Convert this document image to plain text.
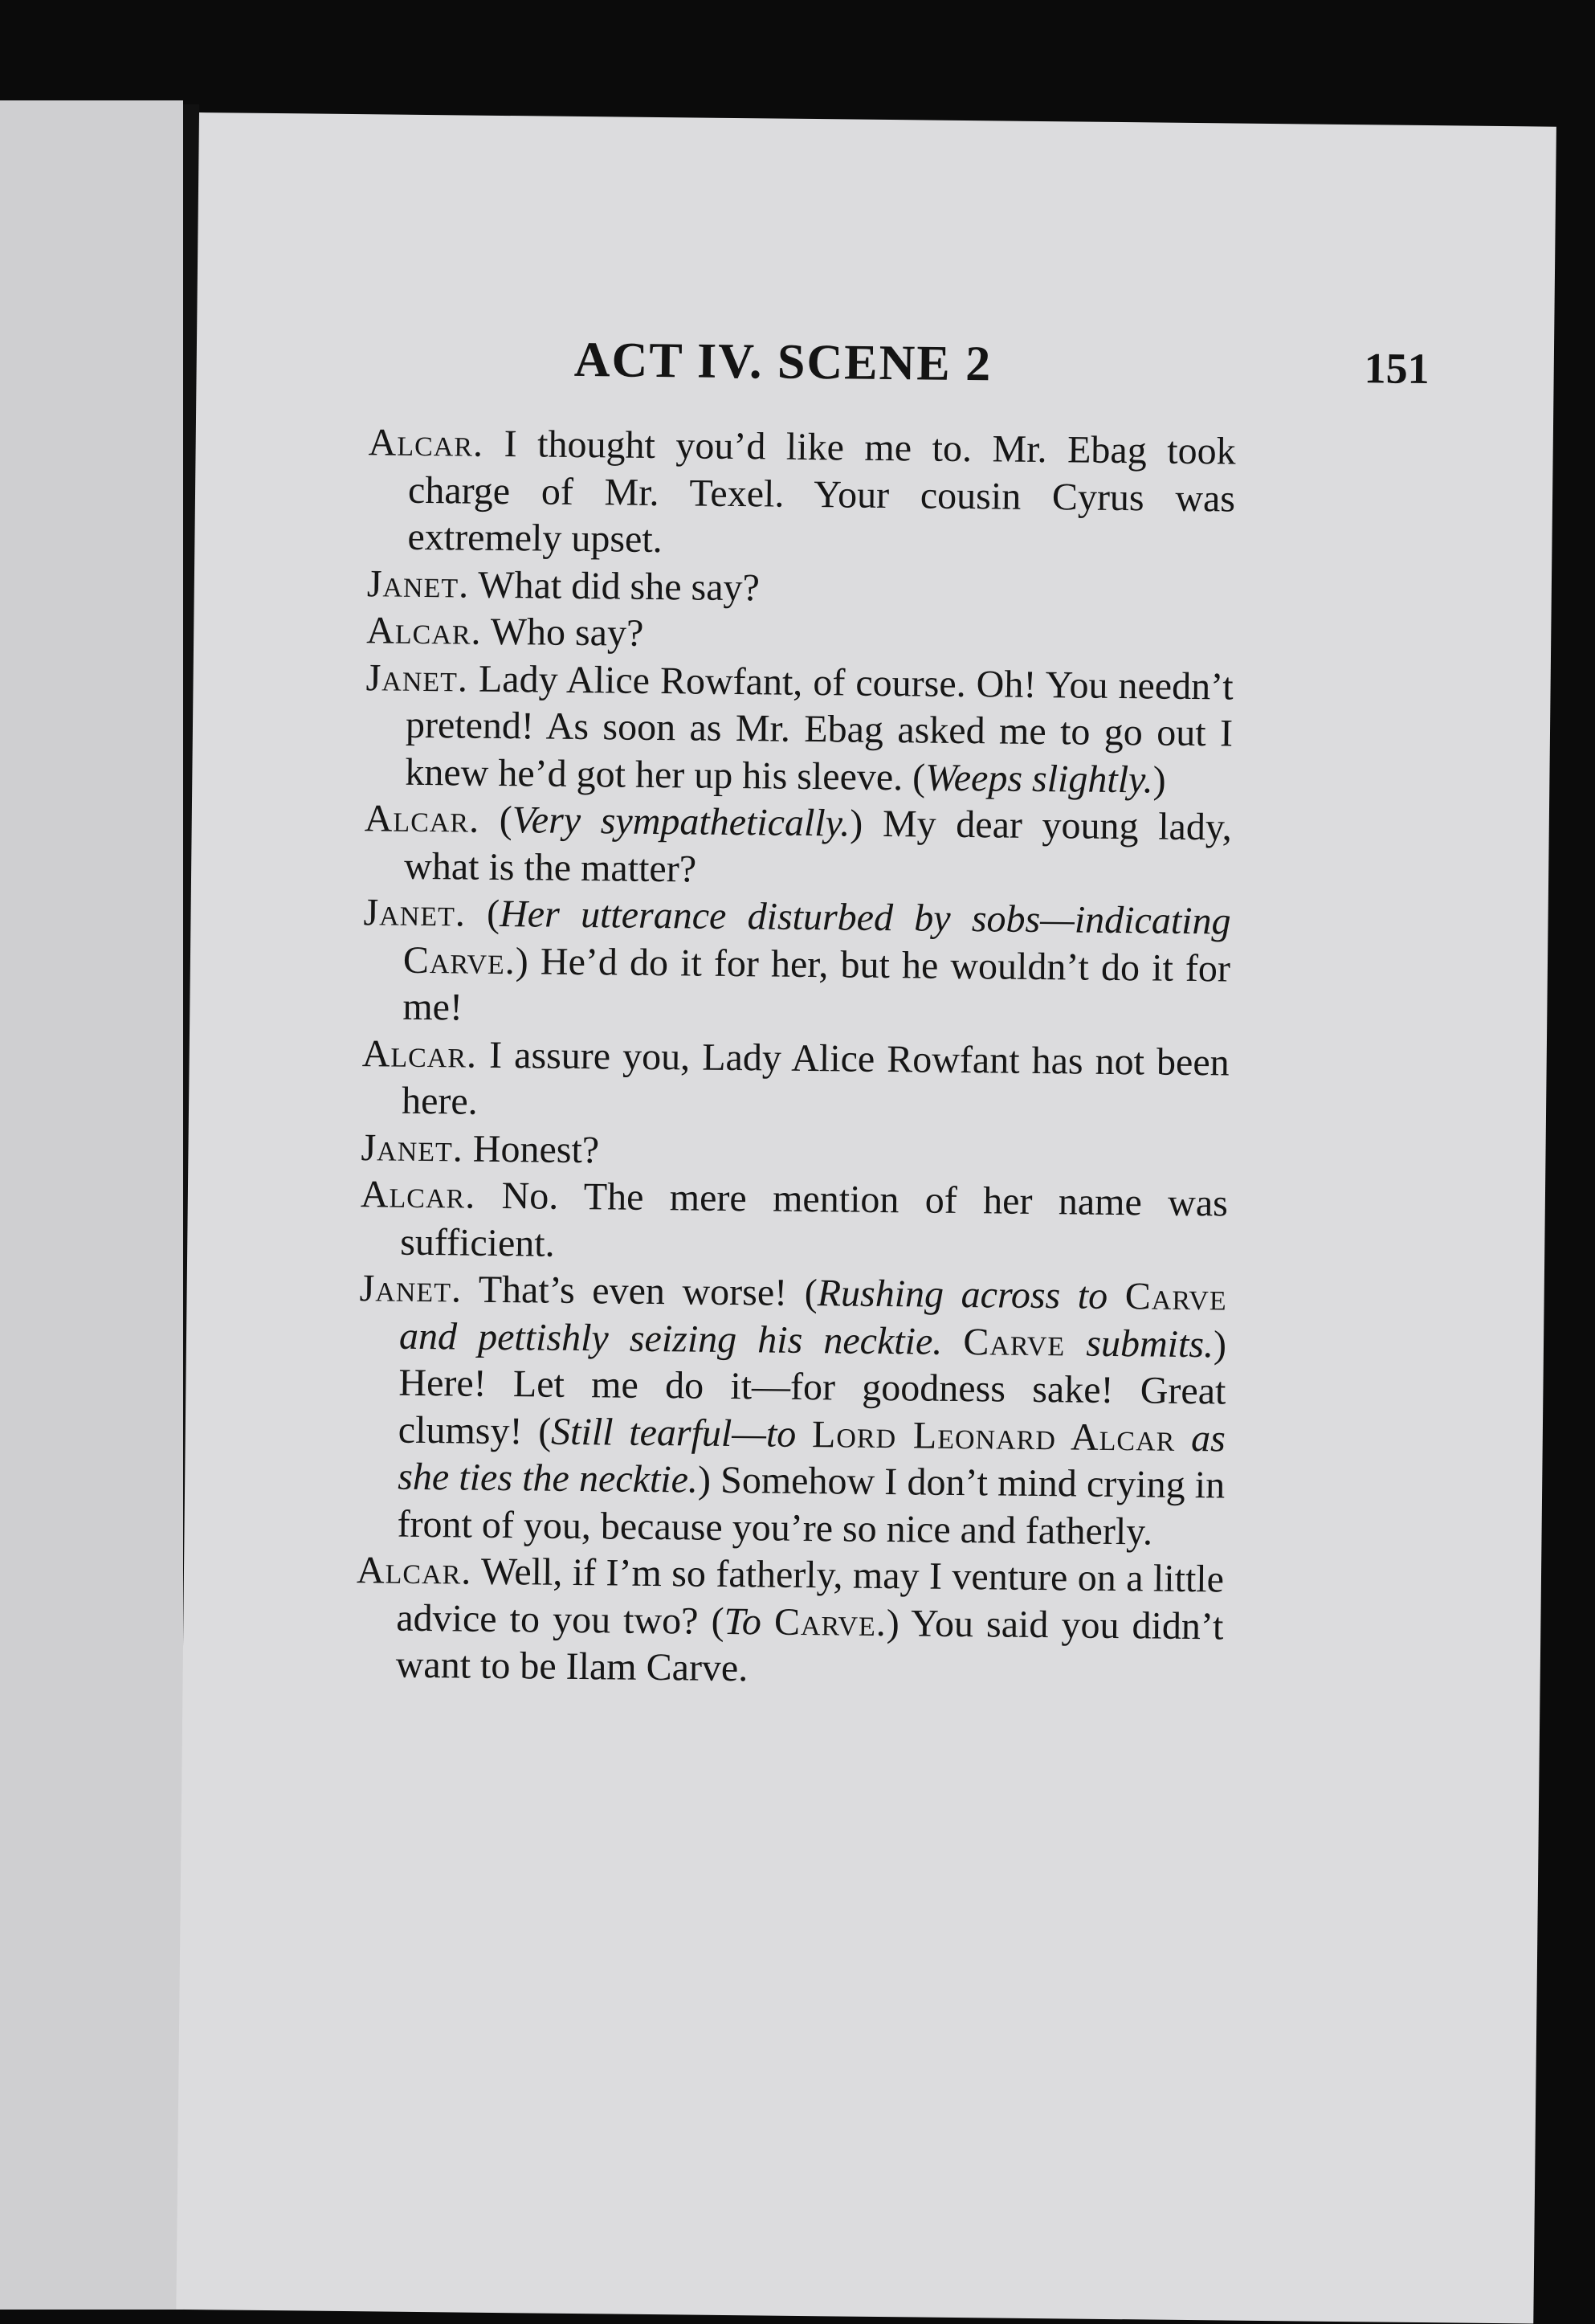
ACT IV. SCENE 2	151

Alcar. I thought you’d like me to. Mr. Ebag took charge of Mr. Texel. Your cousin Cyrus was extremely upset.

Janet. What did she say?

Alcar. Who say?

Janet. Lady Alice Rowfant, of course. Oh! You needn’t pretend! As soon as Mr. Ebag asked me to go out I knew he’d got her up his sleeve. (Weeps slightly.)

Alcar. (Very sympathetically.) My dear young lady, what is the matter?

Janet. (Her utterance disturbed by sobs—indicating Carve.) He’d do it for her, but he wouldn’t do it for me!

Alcar. I assure you, Lady Alice Rowfant has not been here.

Janet. Honest?

Alcar. No. The mere mention of her name was sufficient.

Janet. That’s even worse! (Rushing across to Carve and pettishly seizing his necktie. Carve submits.) Here! Let me do it—for goodness sake! Great clumsy! (Still tearful—to Lord Leonard Alcar as she ties the necktie.) Somehow I don’t mind crying in front of you, because you’re so nice and fatherly.

Alcar. Well, if I’m so fatherly, may I venture on a little advice to you two? (To Carve.) You said you didn’t want to be Ilam Carve.
